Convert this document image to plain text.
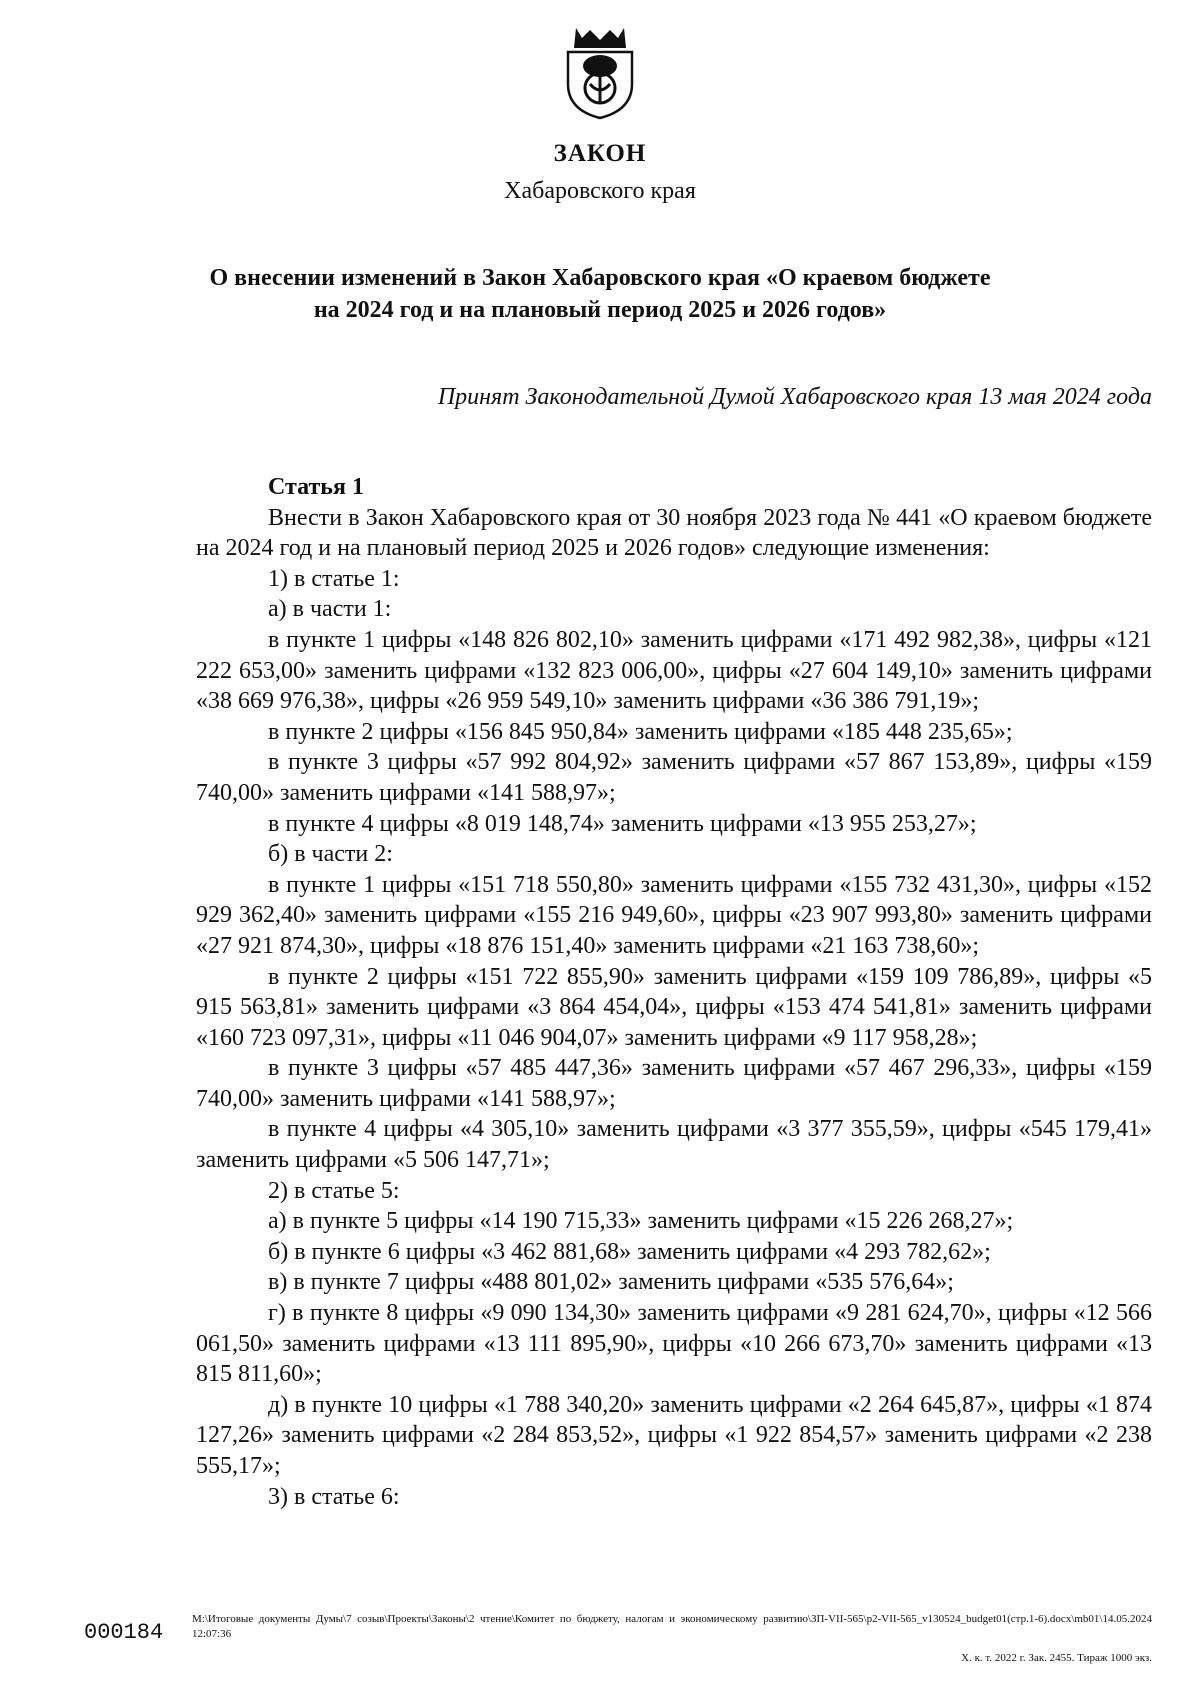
ЗАКОН
Хабаровского края
О внесении изменений в Закон Хабаровского края «О краевом бюджете
на 2024 год и на плановый период 2025 и 2026 годов»
Принят Законодательной Думой Хабаровского края 13 мая 2024 года
Статья 1

Внести в Закон Хабаровского края от 30 ноября 2023 года № 441 «О краевом бюджете на 2024 год и на плановый период 2025 и 2026 годов» следующие изменения:

1) в статье 1:

а) в части 1:

в пункте 1 цифры «148 826 802,10» заменить цифрами «171 492 982,38», цифры «121 222 653,00» заменить цифрами «132 823 006,00», цифры «27 604 149,10» заменить цифрами «38 669 976,38», цифры «26 959 549,10» заменить цифрами «36 386 791,19»;

в пункте 2 цифры «156 845 950,84» заменить цифрами «185 448 235,65»;

в пункте 3 цифры «57 992 804,92» заменить цифрами «57 867 153,89», цифры «159 740,00» заменить цифрами «141 588,97»;

в пункте 4 цифры «8 019 148,74» заменить цифрами «13 955 253,27»;

б) в части 2:

в пункте 1 цифры «151 718 550,80» заменить цифрами «155 732 431,30», цифры «152 929 362,40» заменить цифрами «155 216 949,60», цифры «23 907 993,80» заменить цифрами «27 921 874,30», цифры «18 876 151,40» заменить цифрами «21 163 738,60»;

в пункте 2 цифры «151 722 855,90» заменить цифрами «159 109 786,89», цифры «5 915 563,81» заменить цифрами «3 864 454,04», цифры «153 474 541,81» заменить цифрами «160 723 097,31», цифры «11 046 904,07» заменить цифрами «9 117 958,28»;

в пункте 3 цифры «57 485 447,36» заменить цифрами «57 467 296,33», цифры «159 740,00» заменить цифрами «141 588,97»;

в пункте 4 цифры «4 305,10» заменить цифрами «3 377 355,59», цифры «545 179,41» заменить цифрами «5 506 147,71»;

2) в статье 5:

а) в пункте 5 цифры «14 190 715,33» заменить цифрами «15 226 268,27»;

б) в пункте 6 цифры «3 462 881,68» заменить цифрами «4 293 782,62»;

в) в пункте 7 цифры «488 801,02» заменить цифрами «535 576,64»;

г) в пункте 8 цифры «9 090 134,30» заменить цифрами «9 281 624,70», цифры «12 566 061,50» заменить цифрами «13 111 895,90», цифры «10 266 673,70» заменить цифрами «13 815 811,60»;

д) в пункте 10 цифры «1 788 340,20» заменить цифрами «2 264 645,87», цифры «1 874 127,26» заменить цифрами «2 284 853,52», цифры «1 922 854,57» заменить цифрами «2 238 555,17»;

3) в статье 6:

000184
M:\Итоговые документы Думы\7 созыв\Проекты\Законы\2 чтение\Комитет по бюджету, налогам и экономическому развитию\ЗП-VII-565\р2-VII-565_v130524_budget01(стр.1-6).docx\mb01\14.05.2024 12:07:36
Х. к. т. 2022 г. Зак. 2455. Тираж 1000 экз.
